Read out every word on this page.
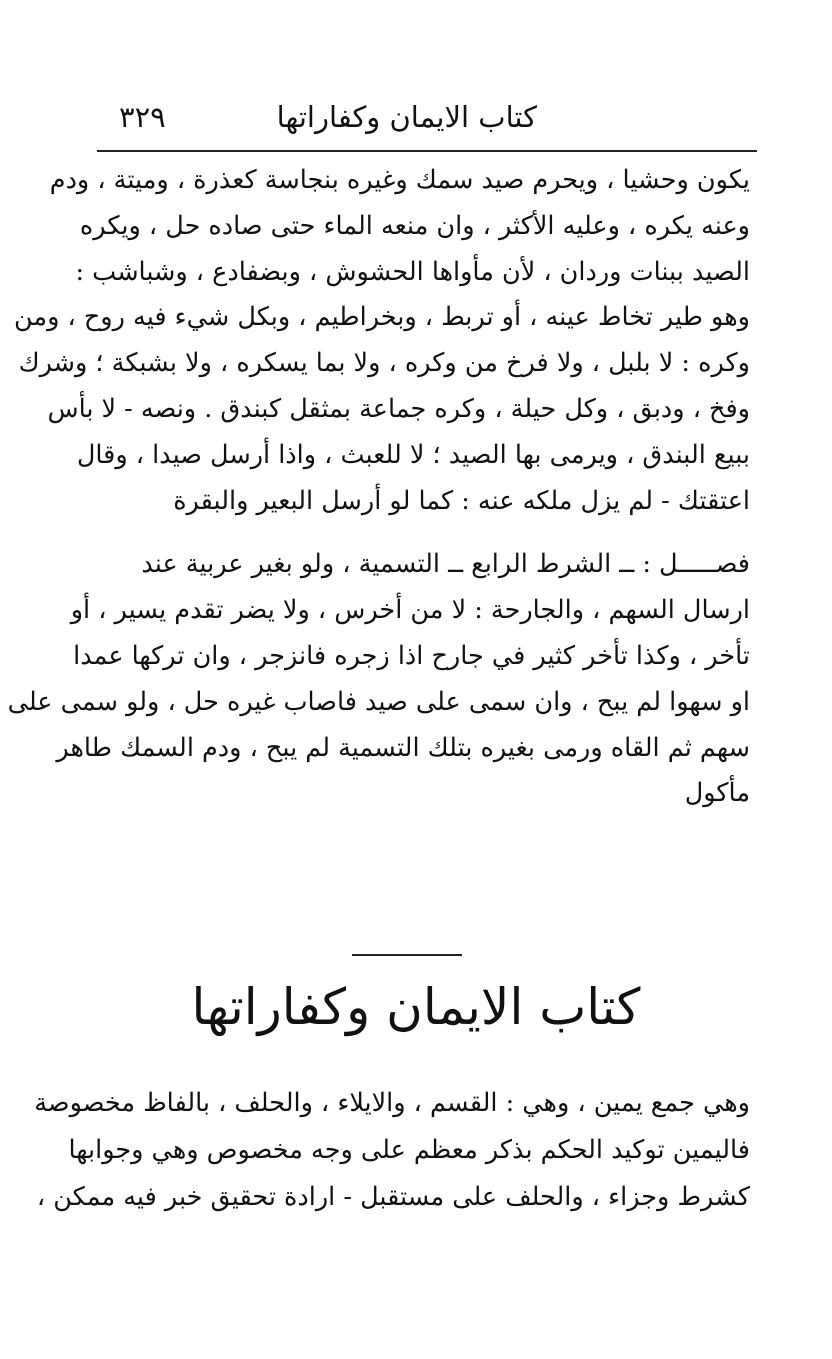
كتاب الايمان وكفاراتها
٣٢٩
يكون وحشيا ، ويحرم صيد سمك وغيره بنجاسة كعذرة ، وميتة ، ودم
وعنه يكره ، وعليه الأكثر ، وان منعه الماء حتى صاده حل ، ويكره
الصيد ببنات وردان ، لأن مأواها الحشوش ، وبضفادع ، وشباشب :
وهو طير تخاط عينه ، أو تربط ، وبخراطيم ، وبكل شيء فيه روح ، ومن
وكره : لا بلبل ، ولا فرخ من وكره ، ولا بما يسكره ، ولا بشبكة ؛ وشرك
وفخ ، ودبق ، وكل حيلة ، وكره جماعة بمثقل كبندق . ونصه - لا بأس
ببيع البندق ، ويرمى بها الصيد ؛ لا للعبث ، واذا أرسل صيدا ، وقال
اعتقتك - لم يزل ملكه عنه : كما لو أرسل البعير والبقرة
فصـــــل : ــ الشرط الرابع ــ التسمية ، ولو بغير عربية عند
ارسال السهم ، والجارحة : لا من أخرس ، ولا يضر تقدم يسير ، أو
تأخر ، وكذا تأخر كثير في جارح اذا زجره فانزجر ، وان تركها عمدا
او سهوا لم يبح ، وان سمى على صيد فاصاب غيره حل ، ولو سمى على
سهم ثم القاه ورمى بغيره بتلك التسمية لم يبح ، ودم السمك طاهر
مأكول
كتاب الايمان وكفاراتها
وهي جمع يمين ، وهي : القسم ، والايلاء ، والحلف ، بالفاظ مخصوصة
فاليمين توكيد الحكم بذكر معظم على وجه مخصوص وهي وجوابها
كشرط وجزاء ، والحلف على مستقبل - ارادة تحقيق خبر فيه ممكن ،
